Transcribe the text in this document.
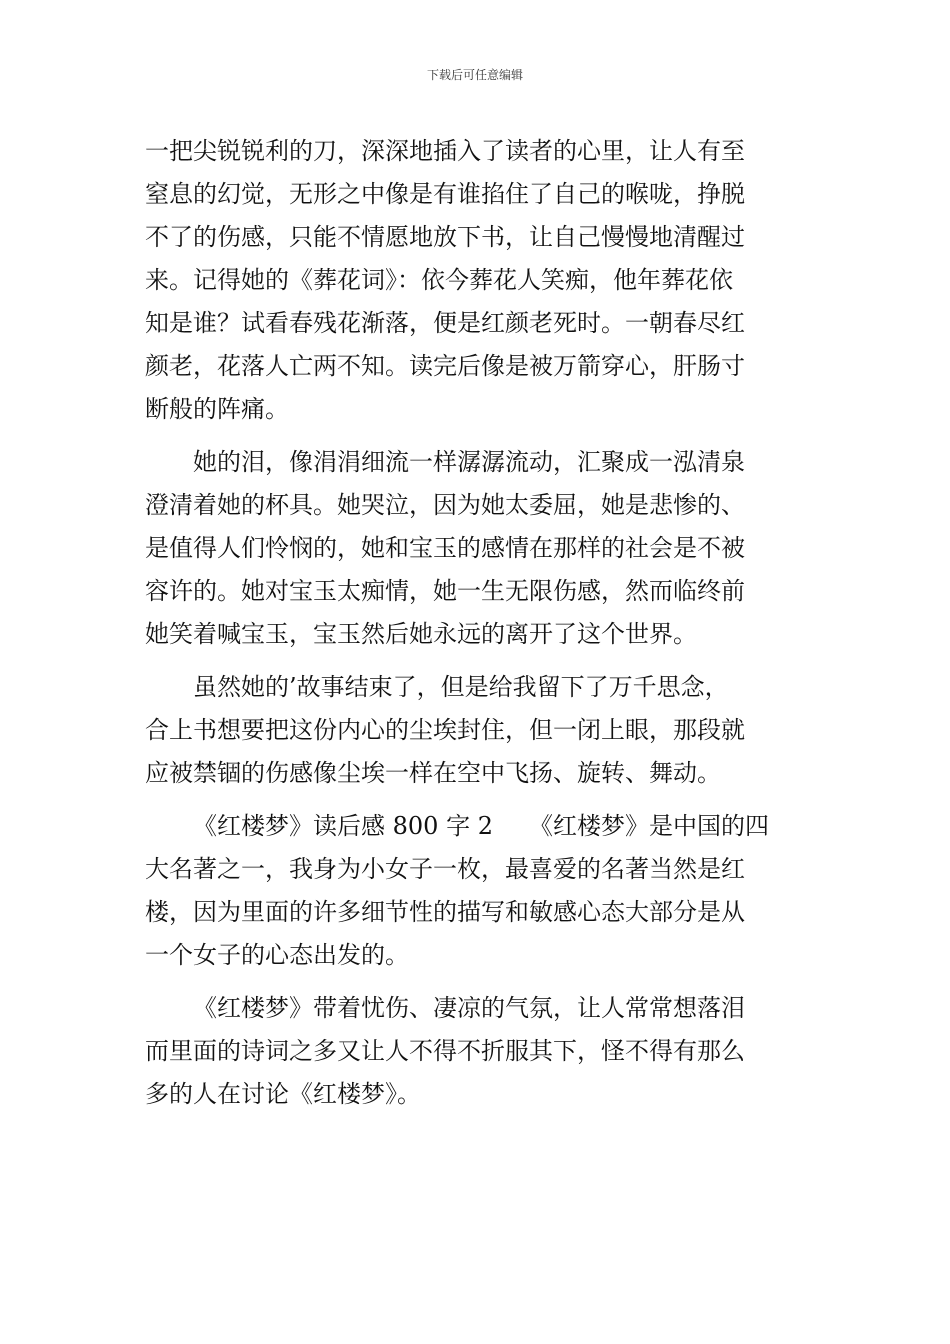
下载后可任意编辑
一把尖锐锐利的刀，深深地插入了读者的心里，让人有至
窒息的幻觉，无形之中像是有谁掐住了自己的喉咙，挣脱
不了的伤感，只能不情愿地放下书，让自己慢慢地清醒过
来。记得她的《葬花词》：依今葬花人笑痴，他年葬花依
知是谁？试看春残花渐落，便是红颜老死时。一朝春尽红
颜老，花落人亡两不知。读完后像是被万箭穿心，肝肠寸
断般的阵痛。
她的泪，像涓涓细流一样潺潺流动，汇聚成一泓清泉
澄清着她的杯具。她哭泣，因为她太委屈，她是悲惨的、
是值得人们怜悯的，她和宝玉的感情在那样的社会是不被
容许的。她对宝玉太痴情，她一生无限伤感，然而临终前
她笑着喊宝玉，宝玉然后她永远的离开了这个世界。
虽然她的’故事结束了，但是给我留下了万千思念，
合上书想要把这份内心的尘埃封住，但一闭上眼，那段就
应被禁锢的伤感像尘埃一样在空中飞扬、旋转、舞动。
《红楼梦》读后感 800 字 2　　《红楼梦》是中国的四
大名著之一，我身为小女子一枚，最喜爱的名著当然是红
楼，因为里面的许多细节性的描写和敏感心态大部分是从
一个女子的心态出发的。
《红楼梦》带着忧伤、凄凉的气氛，让人常常想落泪
而里面的诗词之多又让人不得不折服其下，怪不得有那么
多的人在讨论《红楼梦》。
